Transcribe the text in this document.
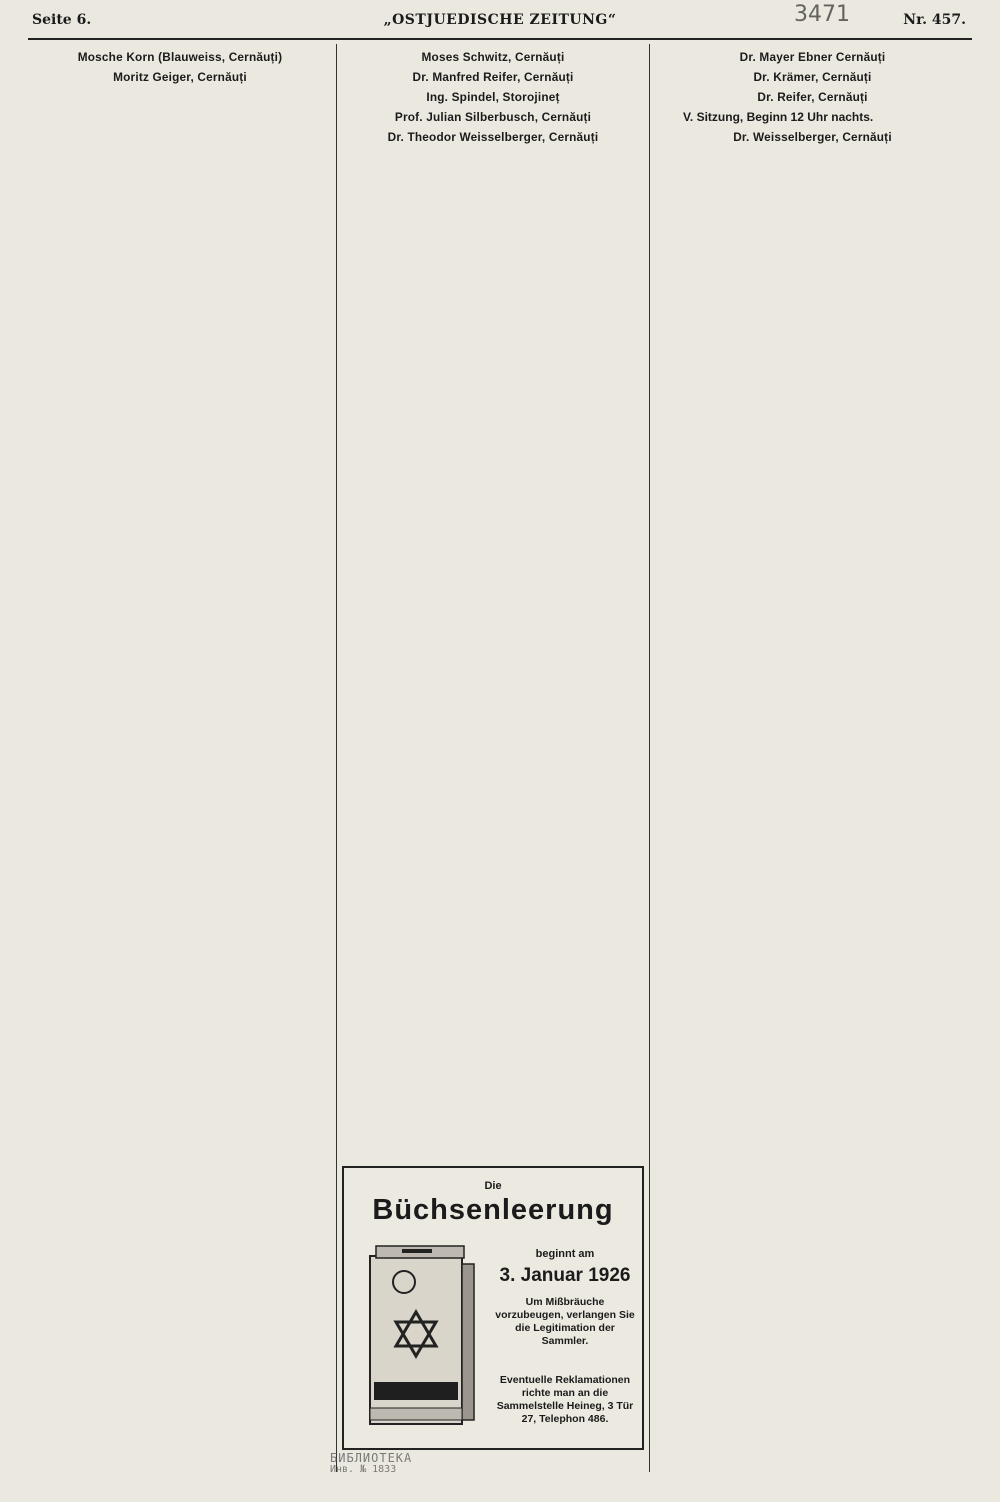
Seite 6.	„OSTJUEDISCHE ZEITUNG“	Nr. 457.
3471
Mosche Korn (Blauweiss, Cernăuți)
Moritz Geiger, Cernăuți
Moses Schwitz, Cernăuți
Dr. Manfred Reifer, Cernăuți
Ing. Spindel, Storojineț
Prof. Julian Silberbusch, Cernăuți
Dr. Theodor Weisselberger, Cernăuți
Dr. Mayer Ebner Cernăuți
Dr. Krämer, Cernăuți
Dr. Reifer, Cernăuți
V. Sitzung, Beginn 12 Uhr nachts.
Dr. Weisselberger, Cernăuți
Die
Büchsenleerung
beginnt am
3. Januar 1926
Um Mißbräuche vorzubeugen, verlangen Sie die Legitimation der Sammler.
Eventuelle Reklamationen richte man an die Sammelstelle Heineg, 3 Tür 27, Telephon 486.
БИБЛИОТЕКА
Инв. № 1833
